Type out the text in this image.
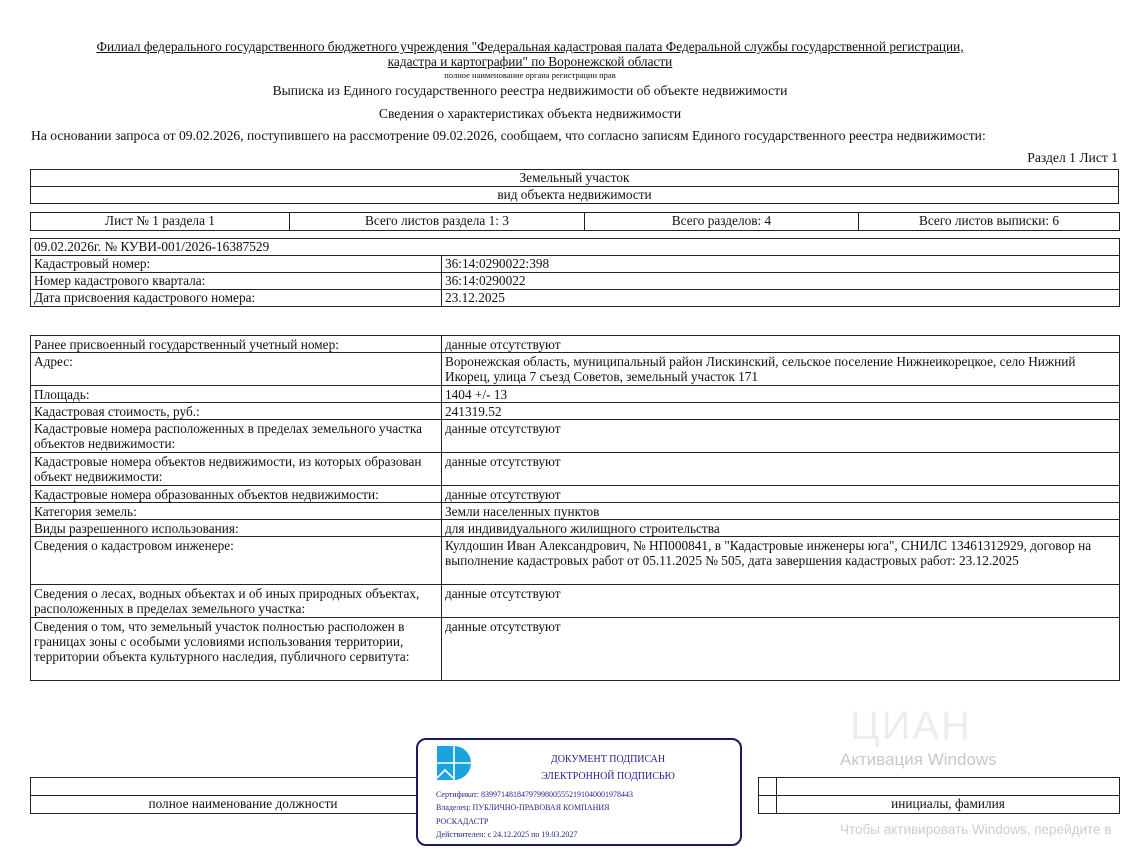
Филиал федерального государственного бюджетного учреждения "Федеральная кадастровая палата Федеральной службы государственной регистрации,
кадастра и картографии" по Воронежской области
полное наименование органа регистрации прав
Выписка из Единого государственного реестра недвижимости об объекте недвижимости
Сведения о характеристиках объекта недвижимости
На основании запроса от 09.02.2026, поступившего на рассмотрение 09.02.2026, сообщаем, что согласно записям Единого государственного реестра недвижимости:
Раздел 1 Лист 1
Земельный участок
вид объекта недвижимости
Лист № 1 раздела 1	Всего листов раздела 1: 3	Всего разделов: 4	Всего листов выписки: 6
09.02.2026г. № КУВИ-001/2026-16387529	
Кадастровый номер:	36:14:0290022:398
Номер кадастрового квартала:	36:14:0290022
Дата присвоения кадастрового номера:	23.12.2025
Ранее присвоенный государственный учетный номер:	данные отсутствуют
Адрес:	Воронежская область, муниципальный район Лискинский, сельское поселение Нижнеикорецкое, село Нижний Икорец, улица 7 съезд Советов, земельный участок 171
Площадь:	1404 +/- 13
Кадастровая стоимость, руб.:	241319.52
Кадастровые номера расположенных в пределах земельного участка объектов недвижимости:	данные отсутствуют
Кадастровые номера объектов недвижимости, из которых образован объект недвижимости:	данные отсутствуют
Кадастровые номера образованных объектов недвижимости:	данные отсутствуют
Категория земель:	Земли населенных пунктов
Виды разрешенного использования:	для индивидуального жилищного строительства
Сведения о кадастровом инженере:	Кулдошин Иван Александрович, № НП000841, в "Кадастровые инженеры юга", СНИЛС 13461312929, договор на выполнение кадастровых работ от 05.11.2025 № 505, дата завершения кадастровых работ: 23.12.2025
Сведения о лесах, водных объектах и об иных природных объектах, расположенных в пределах земельного участка:	данные отсутствуют
Сведения о том, что земельный участок полностью расположен в границах зоны с особыми условиями использования территории, территории объекта культурного наследия, публичного сервитута:	данные отсутствуют
ЦИАН

полное наименование должности			инициалы, фамилия
ДОКУМЕНТ ПОДПИСАН
ЭЛЕКТРОННОЙ ПОДПИСЬЮ
Сертификат: 839971481847979980055521910400019784​43
Владелец: ПУБЛИЧНО-ПРАВОВАЯ КОМПАНИЯ
РОСКАДАСТР
Действителен: с 24.12.2025 по 19.03.2027
Активация Windows
Чтобы активировать Windows, перейдите в
